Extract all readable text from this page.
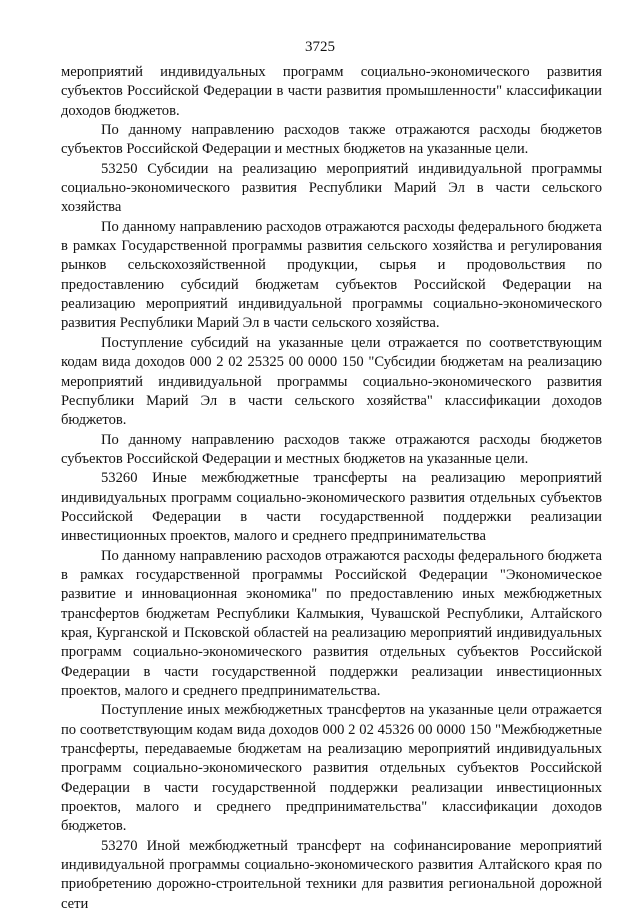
3725

мероприятий индивидуальных программ социально-экономического развития субъектов Российской Федерации в части развития промышленности" классификации доходов бюджетов.

По данному направлению расходов также отражаются расходы бюджетов субъектов Российской Федерации и местных бюджетов на указанные цели.

53250 Субсидии на реализацию мероприятий индивидуальной программы социально-экономического развития Республики Марий Эл в части сельского хозяйства

По данному направлению расходов отражаются расходы федерального бюджета в рамках Государственной программы развития сельского хозяйства и регулирования рынков сельскохозяйственной продукции, сырья и продовольствия по предоставлению субсидий бюджетам субъектов Российской Федерации на реализацию мероприятий индивидуальной программы социально-экономического развития Республики Марий Эл в части сельского хозяйства.

Поступление субсидий на указанные цели отражается по соответствующим кодам вида доходов 000 2 02 25325 00 0000 150 "Субсидии бюджетам на реализацию мероприятий индивидуальной программы социально-экономического развития Республики Марий Эл в части сельского хозяйства" классификации доходов бюджетов.

По данному направлению расходов также отражаются расходы бюджетов субъектов Российской Федерации и местных бюджетов на указанные цели.

53260 Иные межбюджетные трансферты на реализацию мероприятий индивидуальных программ социально-экономического развития отдельных субъектов Российской Федерации в части государственной поддержки реализации инвестиционных проектов, малого и среднего предпринимательства

По данному направлению расходов отражаются расходы федерального бюджета в рамках государственной программы Российской Федерации "Экономическое развитие и инновационная экономика" по предоставлению иных межбюджетных трансфертов бюджетам Республики Калмыкия, Чувашской Республики, Алтайского края, Курганской и Псковской областей на реализацию мероприятий индивидуальных программ социально-экономического развития отдельных субъектов Российской Федерации в части государственной поддержки реализации инвестиционных проектов, малого и среднего предпринимательства.

Поступление иных межбюджетных трансфертов на указанные цели отражается по соответствующим кодам вида доходов 000 2 02 45326 00 0000 150 "Межбюджетные трансферты, передаваемые бюджетам на реализацию мероприятий индивидуальных программ социально-экономического развития отдельных субъектов Российской Федерации в части государственной поддержки реализации инвестиционных проектов, малого и среднего предпринимательства" классификации доходов бюджетов.

53270 Иной межбюджетный трансферт на софинансирование мероприятий индивидуальной программы социально-экономического развития Алтайского края по приобретению дорожно-строительной техники для развития региональной дорожной сети
